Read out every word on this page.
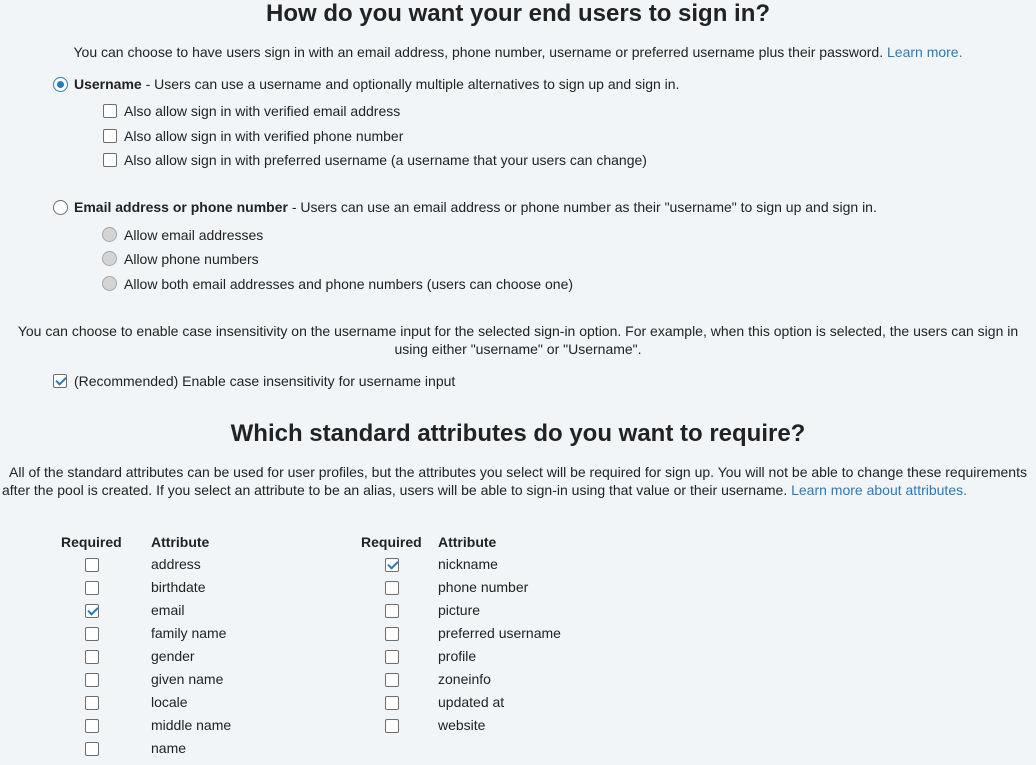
How do you want your end users to sign in?
You can choose to have users sign in with an email address, phone number, username or preferred username plus their password. Learn more.
Username - Users can use a username and optionally multiple alternatives to sign up and sign in.
Also allow sign in with verified email address
Also allow sign in with verified phone number
Also allow sign in with preferred username (a username that your users can change)
Email address or phone number - Users can use an email address or phone number as their "username" to sign up and sign in.
Allow email addresses
Allow phone numbers
Allow both email addresses and phone numbers (users can choose one)
You can choose to enable case insensitivity on the username input for the selected sign-in option. For example, when this option is selected, the users can sign in
using either "username" or "Username".
(Recommended) Enable case insensitivity for username input
Which standard attributes do you want to require?
All of the standard attributes can be used for user profiles, but the attributes you select will be required for sign up. You will not be able to change these requirements
after the pool is created. If you select an attribute to be an alias, users will be able to sign-in using that value or their username. Learn more about attributes.
Required Attribute	Required Attribute
address
birthdate
email
family name
gender
given name
locale
middle name
name
nickname
phone number
picture
preferred username
profile
zoneinfo
updated at
website
